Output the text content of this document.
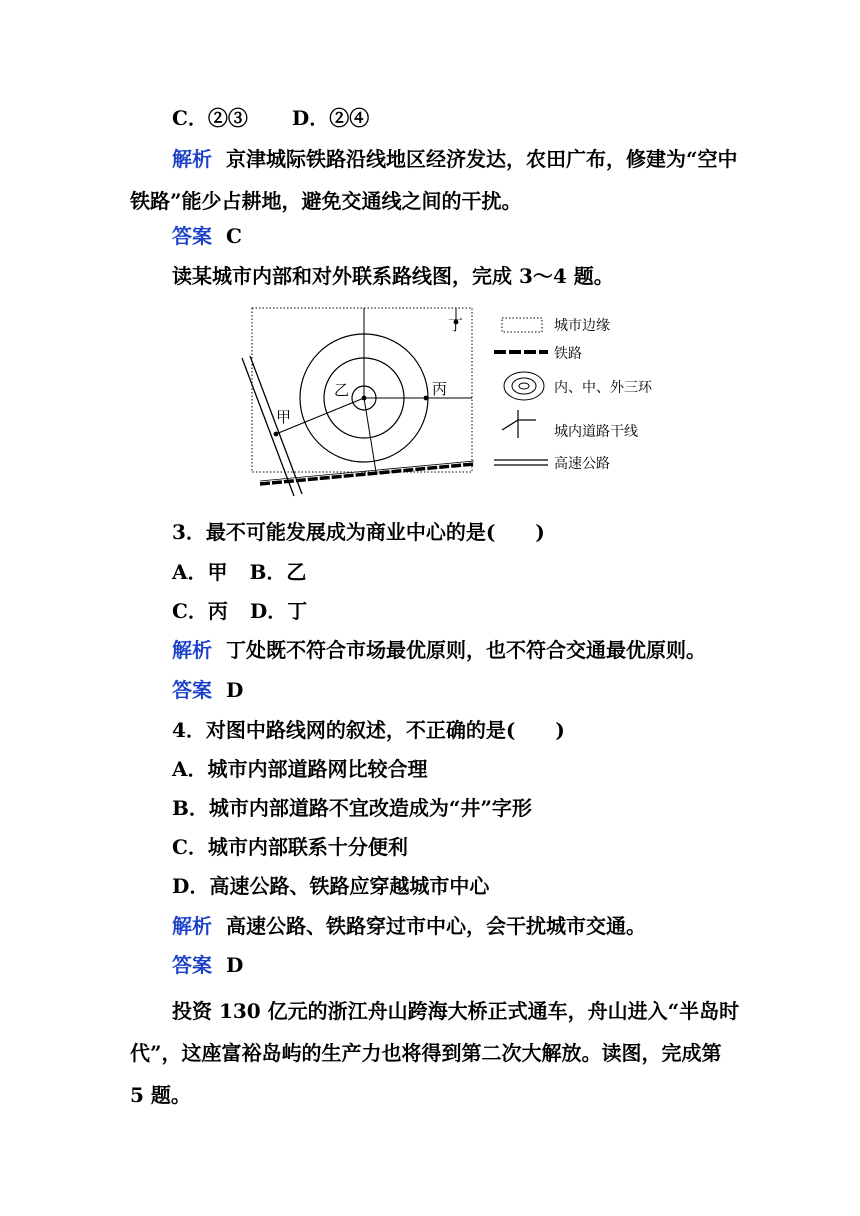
C．②③ D．②④
解析 京津城际铁路沿线地区经济发达，农田广布，修建为“空中铁路”能少占耕地，避免交通线之间的干扰。
答案 C
读某城市内部和对外联系路线图，完成 3～4 题。
甲
乙	丙
丁	城市边缘
铁路
内、中、外三环
城内道路干线
高速公路
3．最不可能发展成为商业中心的是(　　)
A．甲 B．乙
C．丙 D．丁
解析 丁处既不符合市场最优原则，也不符合交通最优原则。
答案 D
4．对图中路线网的叙述，不正确的是(　　)
A．城市内部道路网比较合理
B．城市内部道路不宜改造成为“井”字形
C．城市内部联系十分便利
D．高速公路、铁路应穿越城市中心
解析 高速公路、铁路穿过市中心，会干扰城市交通。
答案 D
投资 130 亿元的浙江舟山跨海大桥正式通车，舟山进入“半岛时代”，这座富裕岛屿的生产力也将得到第二次大解放。读图，完成第 5 题。
